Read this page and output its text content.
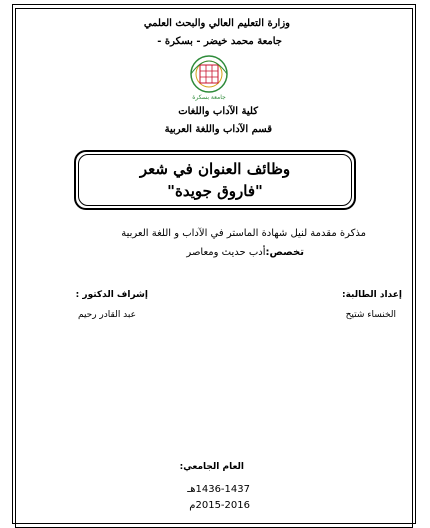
وزارة التعليم العالي والبحث العلمي
جامعة محمد خيضر - بسكرة -
جامعة بسكرة
كلية الآداب واللغات
قسم الآداب واللغة العربية
وظائف العنوان في شعر
"فاروق جويدة"
مذكرة مقدمة لنيل شهادة الماستر في الآداب و اللغة العربية
تخصص:أدب حديث ومعاصر
إعداد الطالبة:
الخنساء شتيح
إشراف الدكتور :
عبد القادر رحيم
العام الجامعي:
1436-1437هـ
2015-2016م
